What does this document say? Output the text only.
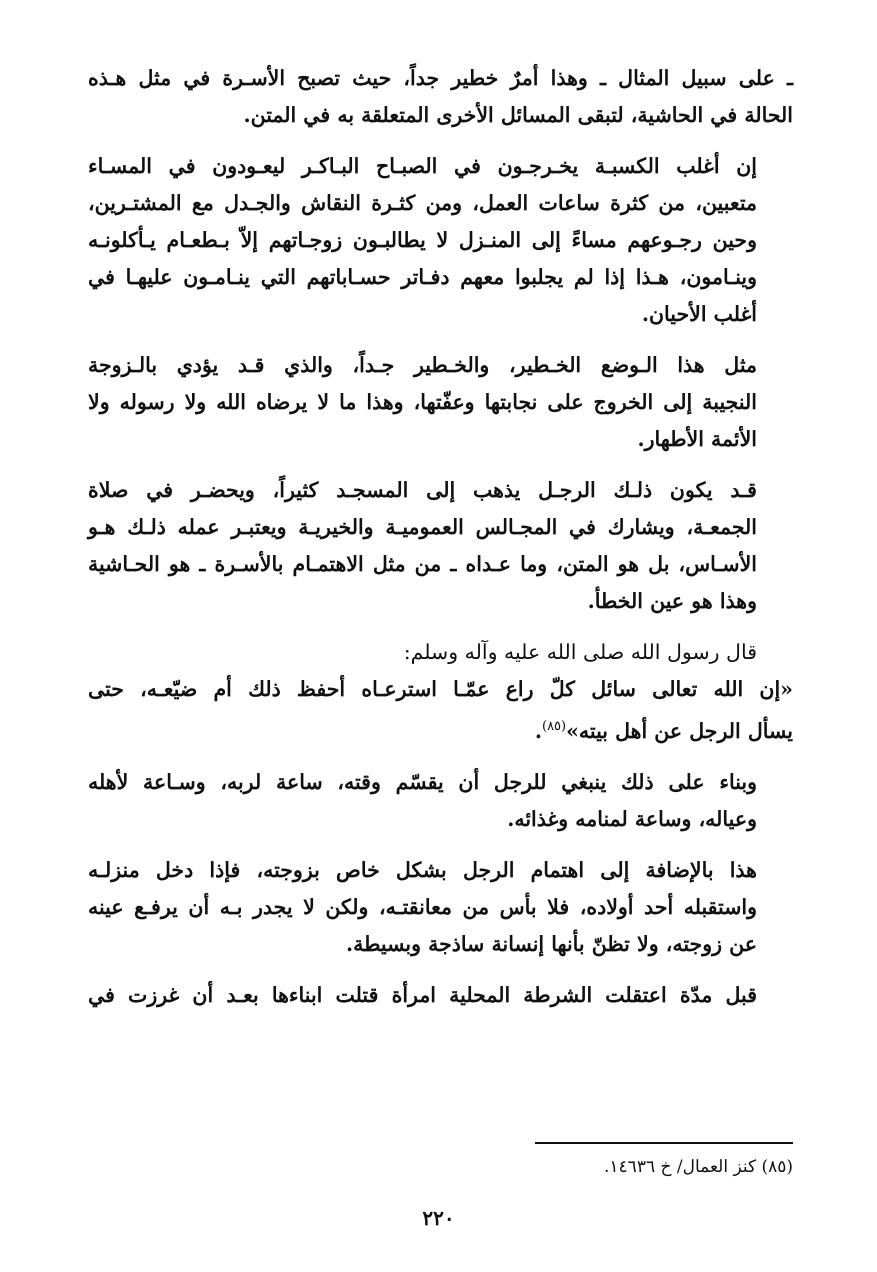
ـ على سبيل المثال ـ وهذا أمرٌ خطير جداً، حيث تصبح الأسـرة في مثل هـذه
الحالة في الحاشية، لتبقى المسائل الأخرى المتعلقة به في المتن.

إن أغلب الكسبـة يخـرجـون في الصبـاح البـاكـر ليعـودون في المسـاء
متعبين، من كثرة ساعات العمل، ومن كثـرة النقاش والجـدل مع المشتـرين،
وحين رجـوعهم مساءً إلى المنـزل لا يطالبـون زوجـاتهم إلاّ بـطعـام يـأكلونـه
وينـامون، هـذا إذا لم يجلبوا معهم دفـاتر حسـاباتهم التي ينـامـون عليهـا في
أغلب الأحيان.

مثل هذا الـوضع الخـطير، والخـطير جـداً، والذي قـد يؤدي بالـزوجة
النجيبة إلى الخروج على نجابتها وعفّتها، وهذا ما لا يرضاه الله ولا رسوله ولا
الأئمة الأطهار.

قـد يكون ذلـك الرجـل يذهب إلى المسجـد كثيراً، ويحضـر في صلاة
الجمعـة، ويشارك في المجـالس العموميـة والخيريـة ويعتبـر عمله ذلـك هـو
الأسـاس، بل هو المتن، وما عـداه ـ من مثل الاهتمـام بالأسـرة ـ هو الحـاشية
وهذا هو عين الخطأ.

قال رسول الله صلى الله عليه وآله وسلم:

«إن الله تعالى سائل كلّ راع عمّـا استرعـاه أحفظ ذلك أم ضيّعـه، حتى
يسأل الرجل عن أهل بيته»$^{(٨٥)}$.

وبناء على ذلك ينبغي للرجل أن يقسّم وقته، ساعة لربه، وسـاعة لأهله
وعياله، وساعة لمنامه وغذائه.

هذا بالإضافة إلى اهتمام الرجل بشكل خاص بزوجته، فإذا دخل منزلـه
واستقبله أحد أولاده، فلا بأس من معانقتـه، ولكن لا يجدر بـه أن يرفـع عينه
عن زوجته، ولا تظنّ بأنها إنسانة ساذجة وبسيطة.

قبل مدّة اعتقلت الشرطة المحلية امرأة قتلت ابناءها بعـد أن غرزت في

(٨٥) كنز العمال/ خ ١٤٦٣٦.
٢٢٠
